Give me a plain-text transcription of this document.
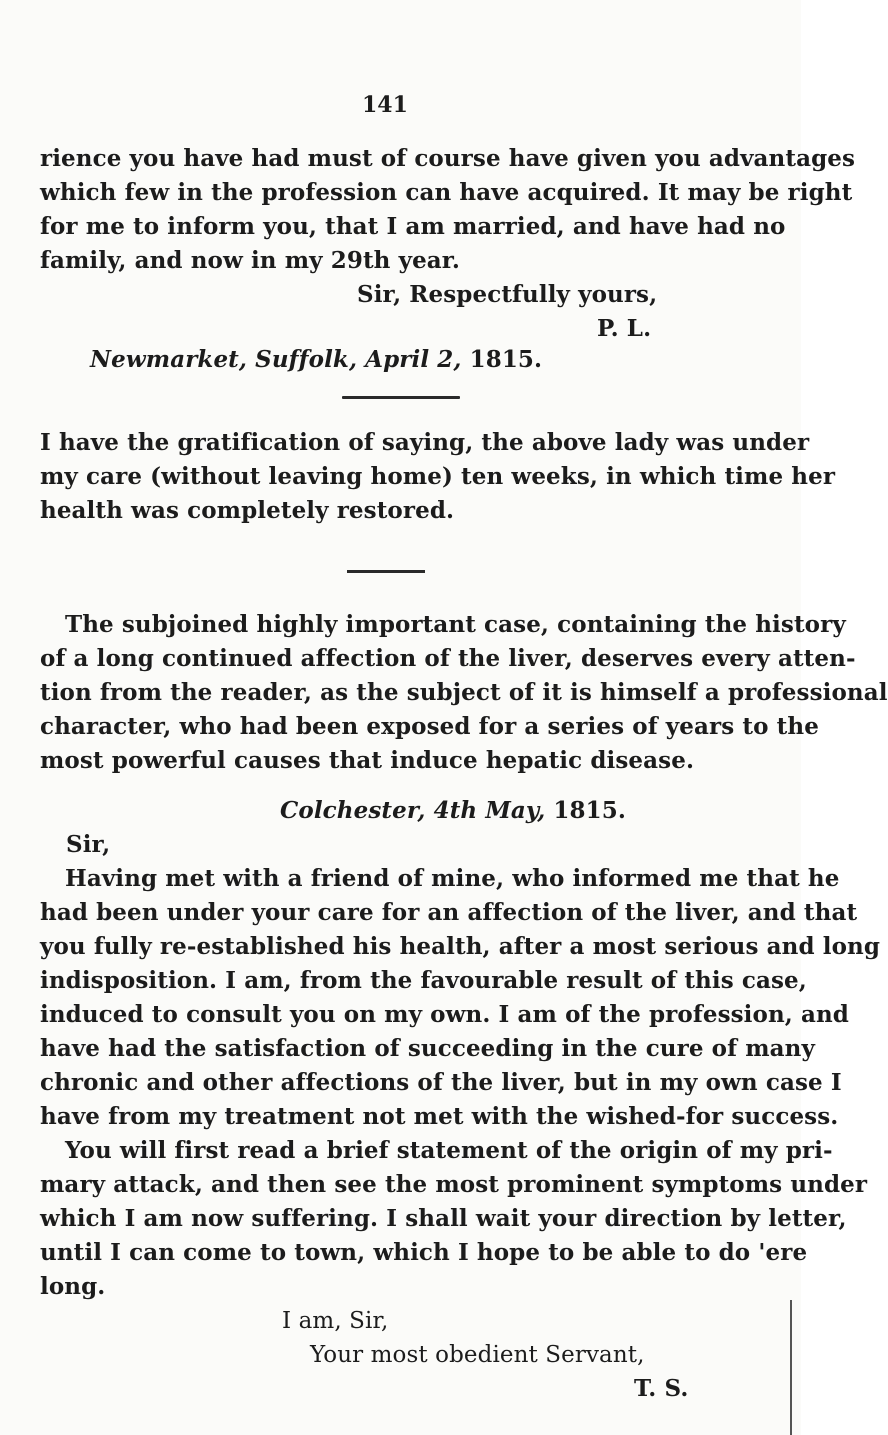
141
rience you have had must of course have given you advantages
which few in the profession can have acquired. It may be right
for me to inform you, that I am married, and have had no
family, and now in my 29th year.
Sir, Respectfully yours,
P. L.
Newmarket, Suffolk, April 2, 1815.
I have the gratification of saying, the above lady was under
my care (without leaving home) ten weeks, in which time her
health was completely restored.
The subjoined highly important case, containing the history
of a long continued affection of the liver, deserves every atten-
tion from the reader, as the subject of it is himself a professional
character, who had been exposed for a series of years to the
most powerful causes that induce hepatic disease.
Colchester, 4th May, 1815.
Sir,
Having met with a friend of mine, who informed me that he
had been under your care for an affection of the liver, and that
you fully re-established his health, after a most serious and long
indisposition. I am, from the favourable result of this case,
induced to consult you on my own. I am of the profession, and
have had the satisfaction of succeeding in the cure of many
chronic and other affections of the liver, but in my own case I
have from my treatment not met with the wished-for success.
You will first read a brief statement of the origin of my pri-
mary attack, and then see the most prominent symptoms under
which I am now suffering. I shall wait your direction by letter,
until I can come to town, which I hope to be able to do 'ere
long.
I am, Sir,
Your most obedient Servant,
T. S.
